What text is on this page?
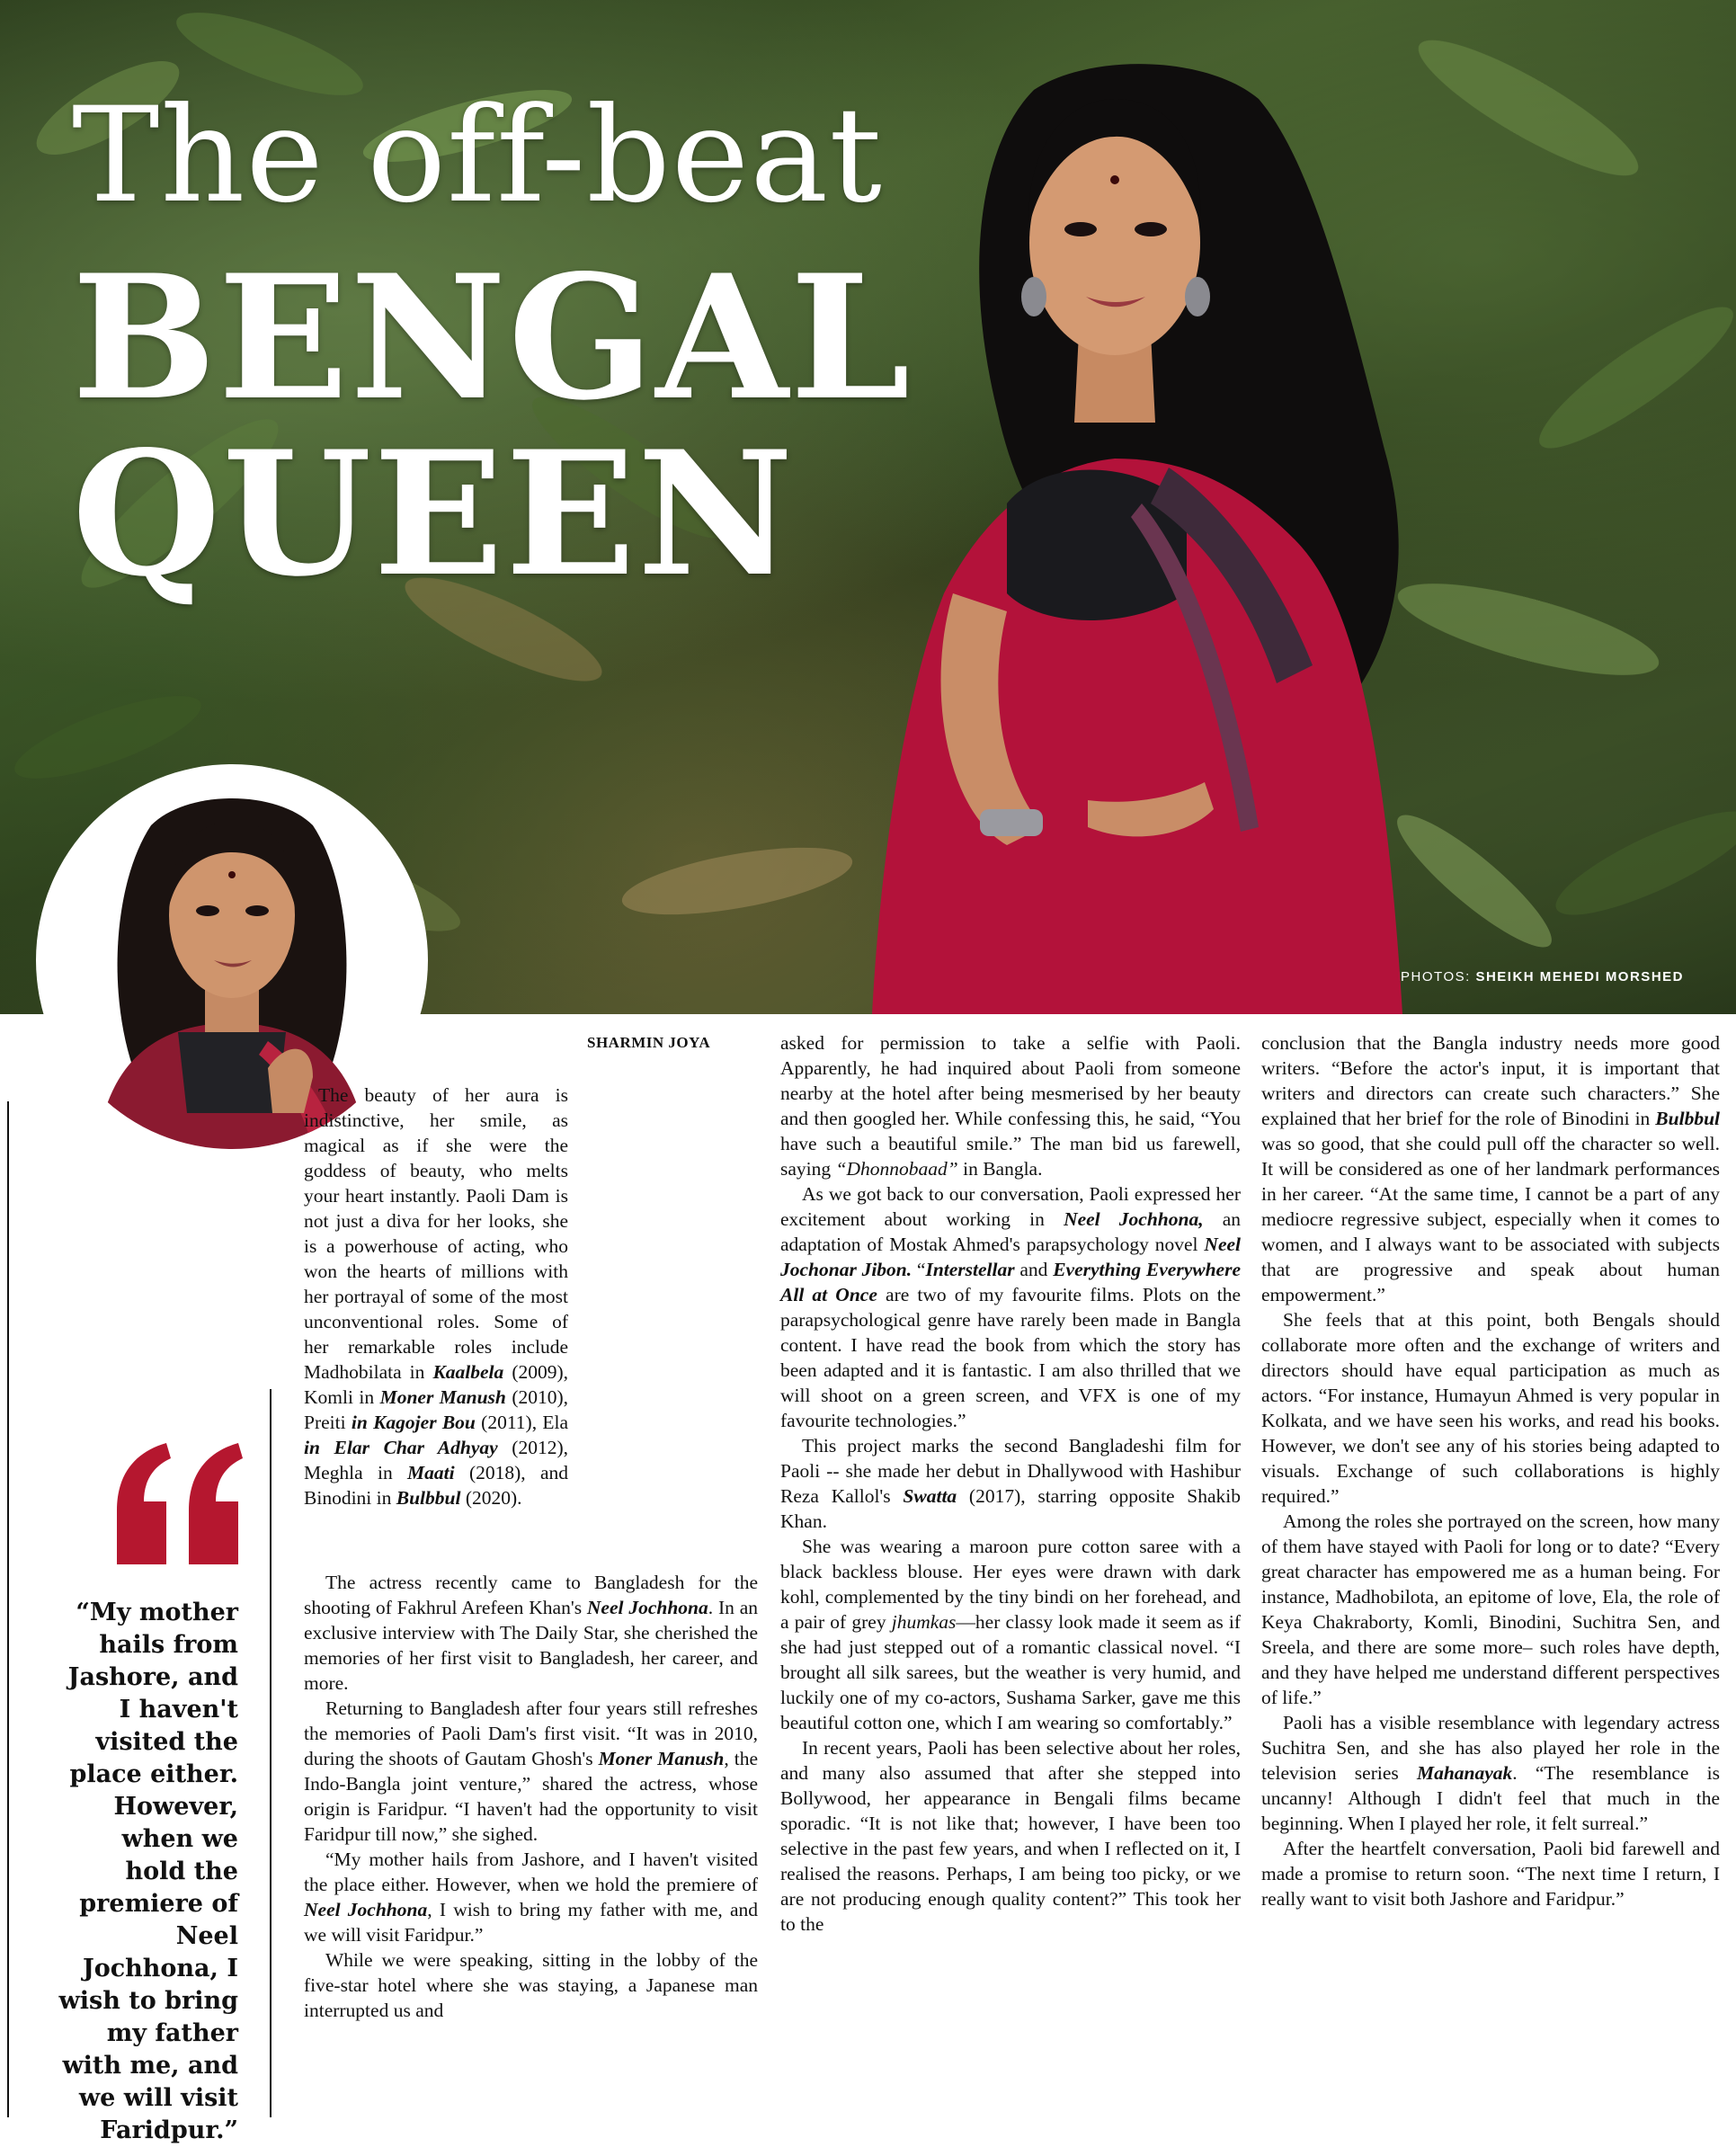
The off-beat
BENGAL
QUEEN
PHOTOS: SHEIKH MEHEDI MORSHED
SHARMIN JOYA
“My mother hails from Jashore, and I haven't visited the place either. However, when we hold the premiere of Neel Jochhona, I wish to bring my father with me, and we will visit Faridpur.”

The beauty of her aura is indistinctive, her smile, as magical as if she were the goddess of beauty, who melts your heart instantly. Paoli Dam is not just a diva for her looks, she is a powerhouse of acting, who won the hearts of millions with her portrayal of some of the most unconventional roles. Some of her remarkable roles include Madhobilata in Kaalbela (2009), Komli in Moner Manush (2010), Preiti in Kagojer Bou (2011), Ela in Elar Char Adhyay (2012), Meghla in Maati (2018), and Binodini in Bulbbul (2020).

The actress recently came to Bangladesh for the shooting of Fakhrul Arefeen Khan's Neel Jochhona. In an exclusive interview with The Daily Star, she cherished the memories of her first visit to Bangladesh, her career, and more.

Returning to Bangladesh after four years still refreshes the memories of Paoli Dam's first visit. “It was in 2010, during the shoots of Gautam Ghosh's Moner Manush, the Indo-Bangla joint venture,” shared the actress, whose origin is Faridpur. “I haven't had the opportunity to visit Faridpur till now,” she sighed.

“My mother hails from Jashore, and I haven't visited the place either. However, when we hold the premiere of Neel Jochhona, I wish to bring my father with me, and we will visit Faridpur.”

While we were speaking, sitting in the lobby of the five-star hotel where she was staying, a Japanese man interrupted us and

asked for permission to take a selfie with Paoli. Apparently, he had inquired about Paoli from someone nearby at the hotel after being mesmerised by her beauty and then googled her. While confessing this, he said, “You have such a beautiful smile.” The man bid us farewell, saying “Dhonnobaad” in Bangla.

As we got back to our conversation, Paoli expressed her excitement about working in Neel Jochhona, an adaptation of Mostak Ahmed's parapsychology novel Neel Jochonar Jibon. “Interstellar and Everything Everywhere All at Once are two of my favourite films. Plots on the parapsychological genre have rarely been made in Bangla content. I have read the book from which the story has been adapted and it is fantastic. I am also thrilled that we will shoot on a green screen, and VFX is one of my favourite technologies.”

This project marks the second Bangladeshi film for Paoli -- she made her debut in Dhallywood with Hashibur Reza Kallol's Swatta (2017), starring opposite Shakib Khan.

She was wearing a maroon pure cotton saree with a black backless blouse. Her eyes were drawn with dark kohl, complemented by the tiny bindi on her forehead, and a pair of grey jhumkas—her classy look made it seem as if she had just stepped out of a romantic classical novel. “I brought all silk sarees, but the weather is very humid, and luckily one of my co-actors, Sushama Sarker, gave me this beautiful cotton one, which I am wearing so comfortably.”

In recent years, Paoli has been selective about her roles, and many also assumed that after she stepped into Bollywood, her appearance in Bengali films became sporadic. “It is not like that; however, I have been too selective in the past few years, and when I reflected on it, I realised the reasons. Perhaps, I am being too picky, or we are not producing enough quality content?” This took her to the

conclusion that the Bangla industry needs more good writers. “Before the actor's input, it is important that writers and directors can create such characters.” She explained that her brief for the role of Binodini in Bulbbul was so good, that she could pull off the character so well. It will be considered as one of her landmark performances in her career. “At the same time, I cannot be a part of any mediocre regressive subject, especially when it comes to women, and I always want to be associated with subjects that are progressive and speak about human empowerment.”

She feels that at this point, both Bengals should collaborate more often and the exchange of writers and directors should have equal participation as much as actors. “For instance, Humayun Ahmed is very popular in Kolkata, and we have seen his works, and read his books. However, we don't see any of his stories being adapted to visuals. Exchange of such collaborations is highly required.”

Among the roles she portrayed on the screen, how many of them have stayed with Paoli for long or to date? “Every great character has empowered me as a human being. For instance, Madhobilota, an epitome of love, Ela, the role of Keya Chakraborty, Komli, Binodini, Suchitra Sen, and Sreela, and there are some more– such roles have depth, and they have helped me understand different perspectives of life.”

Paoli has a visible resemblance with legendary actress Suchitra Sen, and she has also played her role in the television series Mahanayak. “The resemblance is uncanny! Although I didn't feel that much in the beginning. When I played her role, it felt surreal.”

After the heartfelt conversation, Paoli bid farewell and made a promise to return soon. “The next time I return, I really want to visit both Jashore and Faridpur.”
